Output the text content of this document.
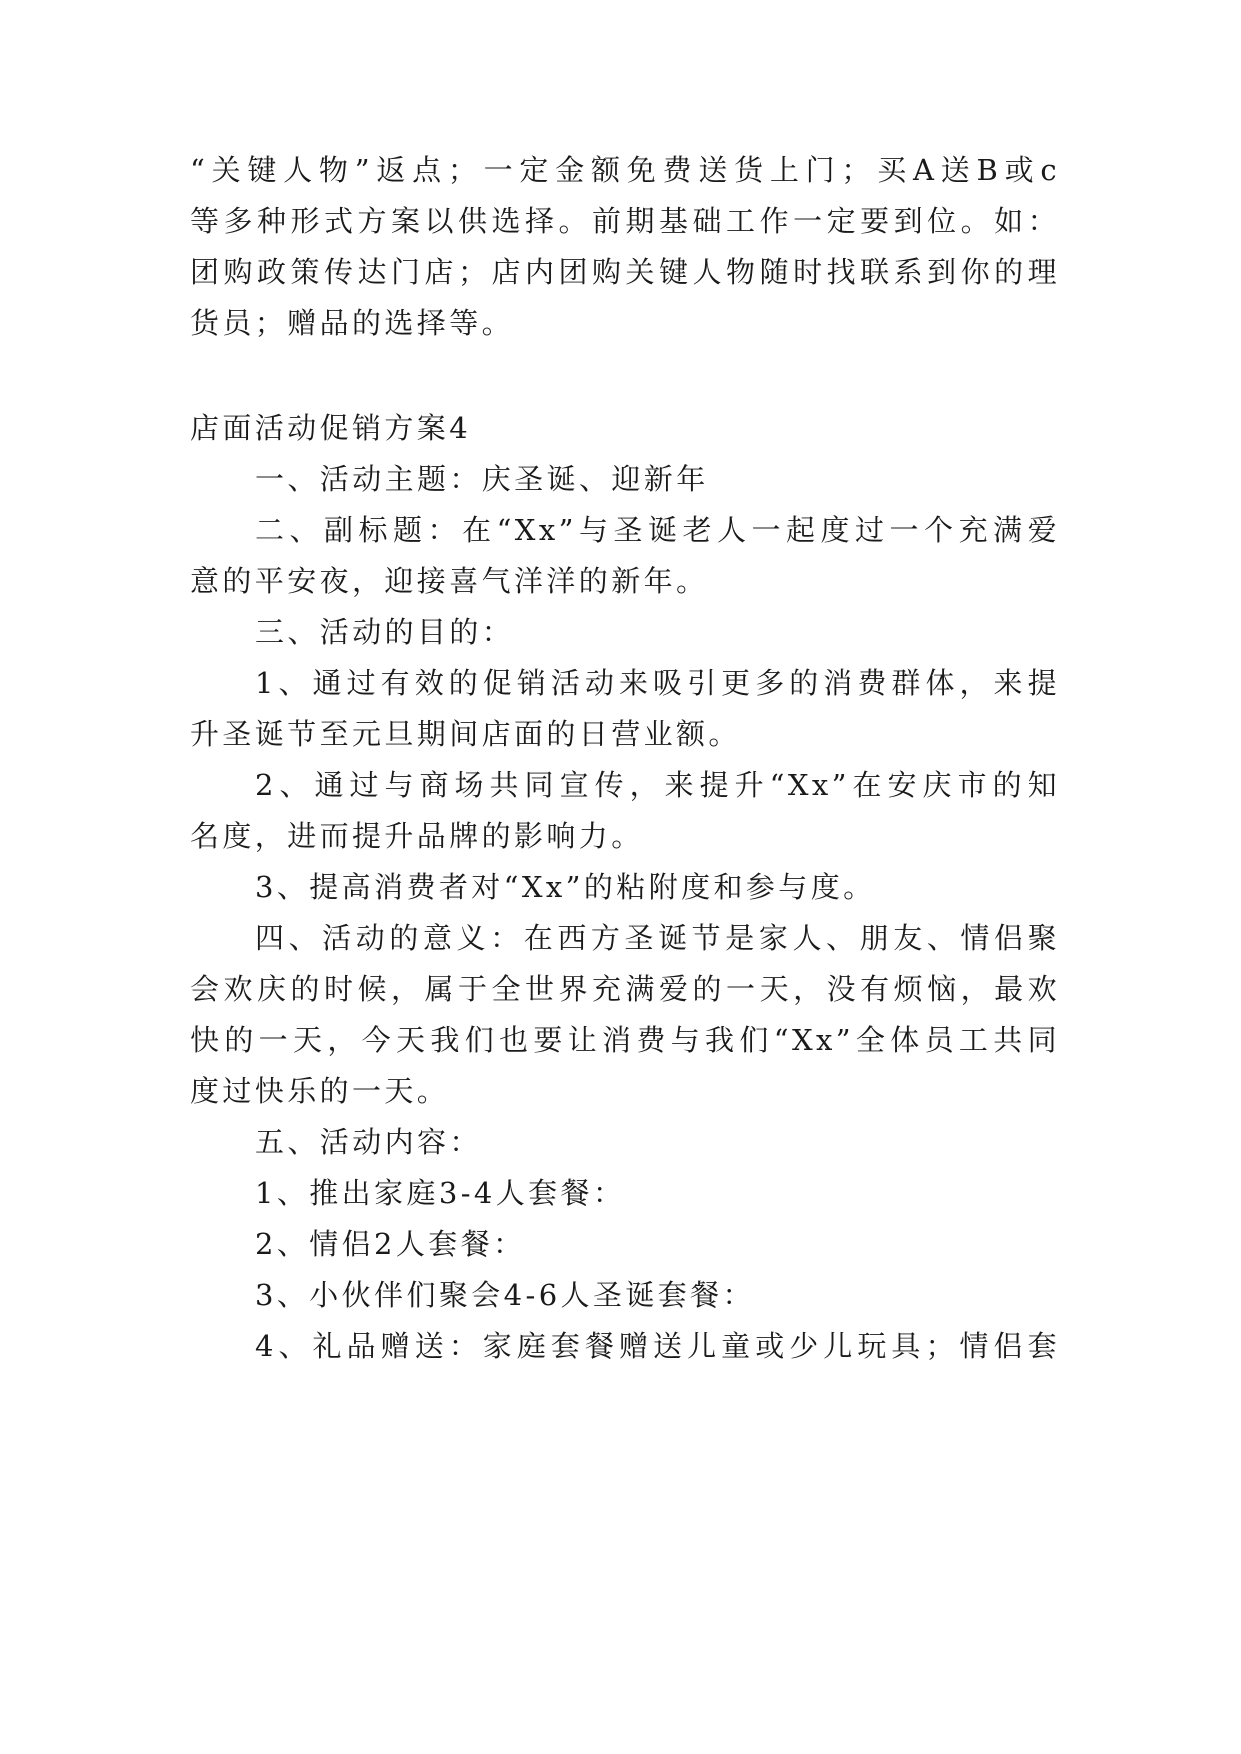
“关键人物”返点；一定金额免费送货上门；买A送B或c
等多种形式方案以供选择。前期基础工作一定要到位。如：
团购政策传达门店；店内团购关键人物随时找联系到你的理
货员；赠品的选择等。
店面活动促销方案4
一、活动主题：庆圣诞、迎新年
二、副标题：在“Xx”与圣诞老人一起度过一个充满爱
意的平安夜，迎接喜气洋洋的新年。
三、活动的目的：
1、通过有效的促销活动来吸引更多的消费群体，来提
升圣诞节至元旦期间店面的日营业额。
2、通过与商场共同宣传，来提升“Xx”在安庆市的知
名度，进而提升品牌的影响力。
3、提高消费者对“Xx”的粘附度和参与度。
四、活动的意义：在西方圣诞节是家人、朋友、情侣聚
会欢庆的时候，属于全世界充满爱的一天，没有烦恼，最欢
快的一天，今天我们也要让消费与我们“Xx”全体员工共同
度过快乐的一天。
五、活动内容：
1、推出家庭3-4人套餐：
2、情侣2人套餐：
3、小伙伴们聚会4-6人圣诞套餐：
4、礼品赠送：家庭套餐赠送儿童或少儿玩具；情侣套
